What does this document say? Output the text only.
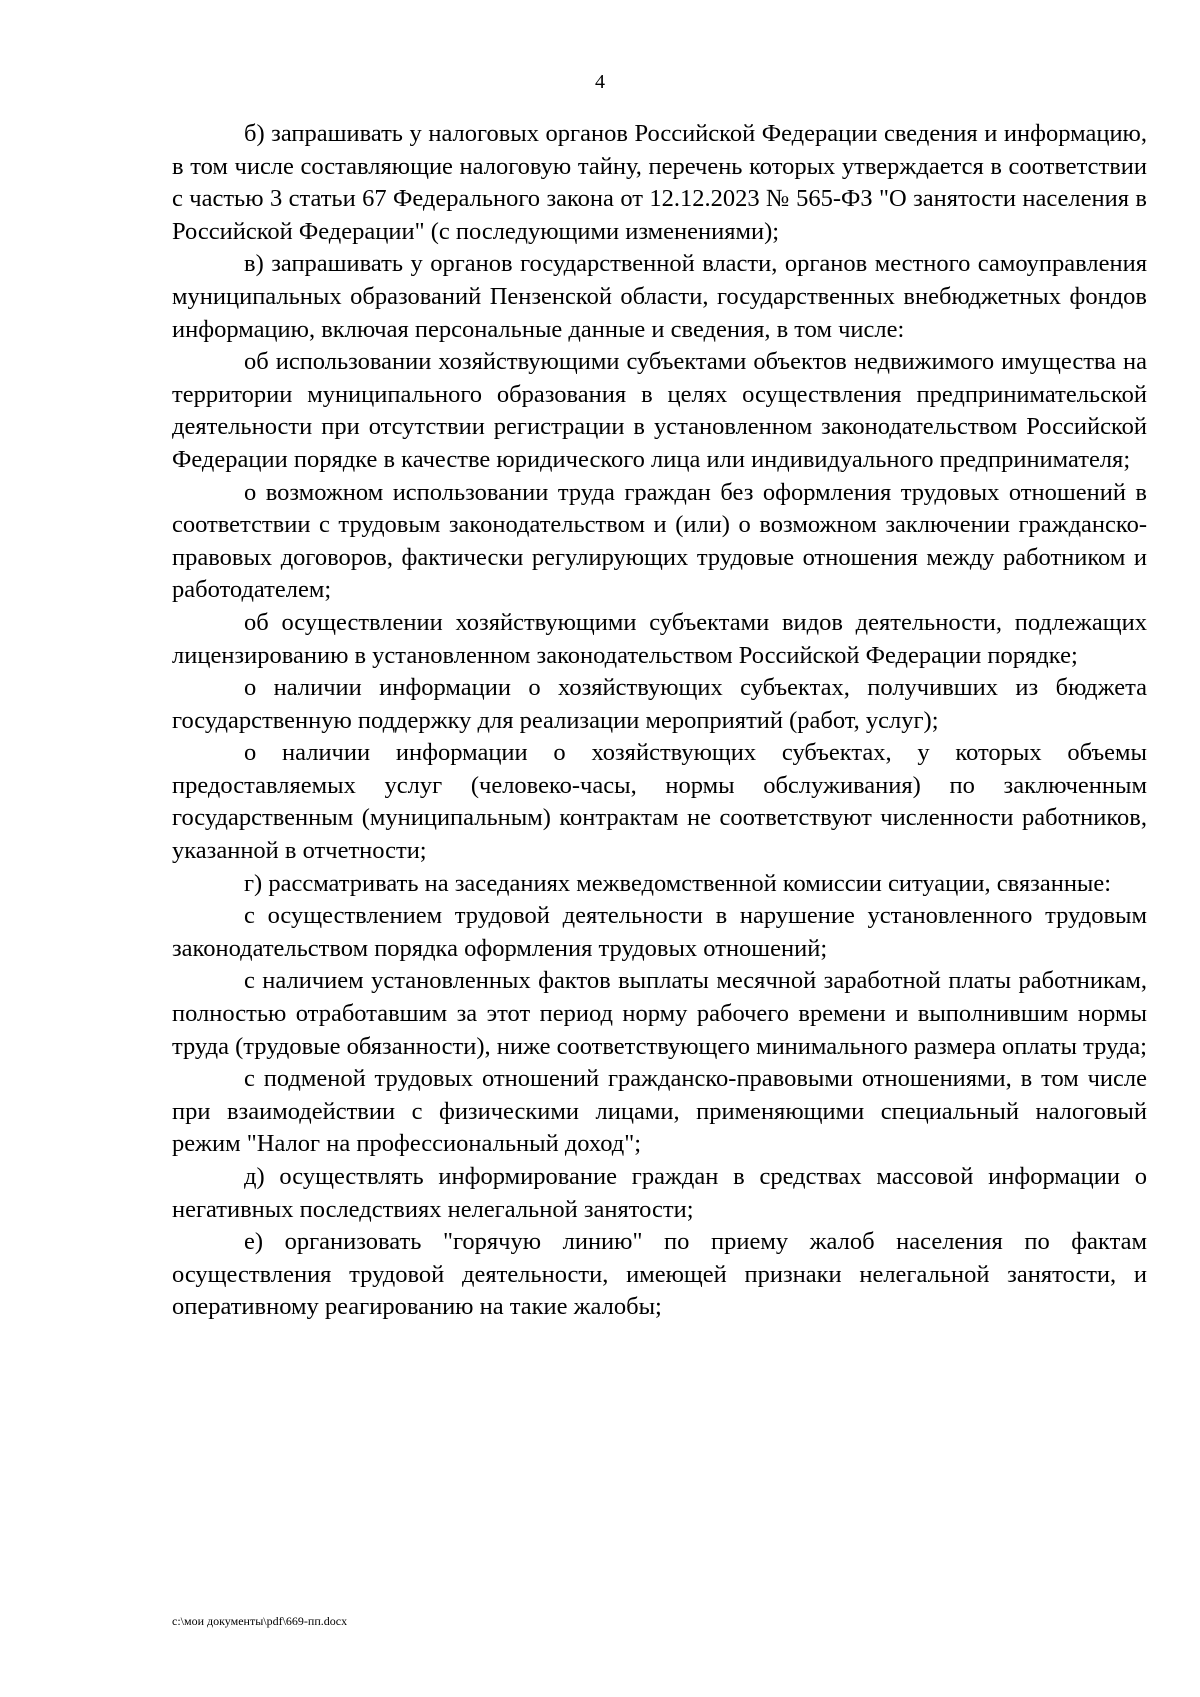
4

б) запрашивать у налоговых органов Российской Федерации сведения и информацию, в том числе составляющие налоговую тайну, перечень которых утверждается в соответствии с частью 3 статьи 67 Федерального закона от 12.12.2023 № 565-ФЗ "О занятости населения в Российской Федерации" (с последующими изменениями);

в) запрашивать у органов государственной власти, органов местного самоуправления муниципальных образований Пензенской области, государственных внебюджетных фондов информацию, включая персональные данные и сведения, в том числе:

об использовании хозяйствующими субъектами объектов недвижимого имущества на территории муниципального образования в целях осуществления предпринимательской деятельности при отсутствии регистрации в установленном законодательством Российской Федерации порядке в качестве юридического лица или индивидуального предпринимателя;

о возможном использовании труда граждан без оформления трудовых отношений в соответствии с трудовым законодательством и (или) о возможном заключении гражданско-правовых договоров, фактически регулирующих трудовые отношения между работником и работодателем;

об осуществлении хозяйствующими субъектами видов деятельности, подлежащих лицензированию в установленном законодательством Российской Федерации порядке;

о наличии информации о хозяйствующих субъектах, получивших из бюджета государственную поддержку для реализации мероприятий (работ, услуг);

о наличии информации о хозяйствующих субъектах, у которых объемы предоставляемых услуг (человеко-часы, нормы обслуживания) по заключенным государственным (муниципальным) контрактам не соответствуют численности работников, указанной в отчетности;

г) рассматривать на заседаниях межведомственной комиссии ситуации, связанные:

с осуществлением трудовой деятельности в нарушение установленного трудовым законодательством порядка оформления трудовых отношений;

с наличием установленных фактов выплаты месячной заработной платы работникам, полностью отработавшим за этот период норму рабочего времени и выполнившим нормы труда (трудовые обязанности), ниже соответствующего минимального размера оплаты труда;

с подменой трудовых отношений гражданско-правовыми отношениями, в том числе при взаимодействии с физическими лицами, применяющими специальный налоговый режим "Налог на профессиональный доход";

д) осуществлять информирование граждан в средствах массовой информации о негативных последствиях нелегальной занятости;

е) организовать "горячую линию" по приему жалоб населения по фактам осуществления трудовой деятельности, имеющей признаки нелегальной занятости, и оперативному реагированию на такие жалобы;

c:\мои документы\pdf\669-пп.docx
